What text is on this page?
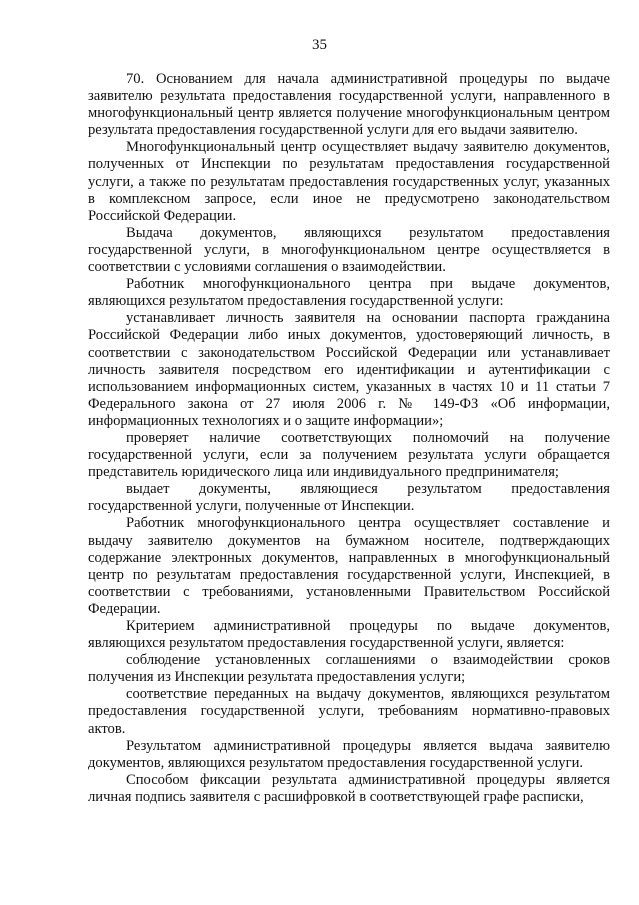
35

70. Основанием для начала административной процедуры по выдаче заявителю результата предоставления государственной услуги, направленного в многофункциональный центр является получение многофункциональным центром результата предоставления государственной услуги для его выдачи заявителю.

Многофункциональный центр осуществляет выдачу заявителю документов, полученных от Инспекции по результатам предоставления государственной услуги, а также по результатам предоставления государственных услуг, указанных в комплексном запросе, если иное не предусмотрено законодательством Российской Федерации.

Выдача документов, являющихся результатом предоставления государственной услуги, в многофункциональном центре осуществляется в соответствии с условиями соглашения о взаимодействии.

Работник многофункционального центра при выдаче документов, являющихся результатом предоставления государственной услуги:

устанавливает личность заявителя на основании паспорта гражданина Российской Федерации либо иных документов, удостоверяющий личность, в соответствии с законодательством Российской Федерации или устанавливает личность заявителя посредством его идентификации и аутентификации с использованием информационных систем, указанных в частях 10 и 11 статьи 7 Федерального закона от 27 июля 2006 г. № 149-ФЗ «Об информации, информационных технологиях и о защите информации»;

проверяет наличие соответствующих полномочий на получение государственной услуги, если за получением результата услуги обращается представитель юридического лица или индивидуального предпринимателя;

выдает документы, являющиеся результатом предоставления государственной услуги, полученные от Инспекции.

Работник многофункционального центра осуществляет составление и выдачу заявителю документов на бумажном носителе, подтверждающих содержание электронных документов, направленных в многофункциональный центр по результатам предоставления государственной услуги, Инспекцией, в соответствии с требованиями, установленными Правительством Российской Федерации.

Критерием административной процедуры по выдаче документов, являющихся результатом предоставления государственной услуги, является:

соблюдение установленных соглашениями о взаимодействии сроков получения из Инспекции результата предоставления услуги;

соответствие переданных на выдачу документов, являющихся результатом предоставления государственной услуги, требованиям нормативно-правовых актов.

Результатом административной процедуры является выдача заявителю документов, являющихся результатом предоставления государственной услуги.

Способом фиксации результата административной процедуры является личная подпись заявителя с расшифровкой в соответствующей графе расписки,
